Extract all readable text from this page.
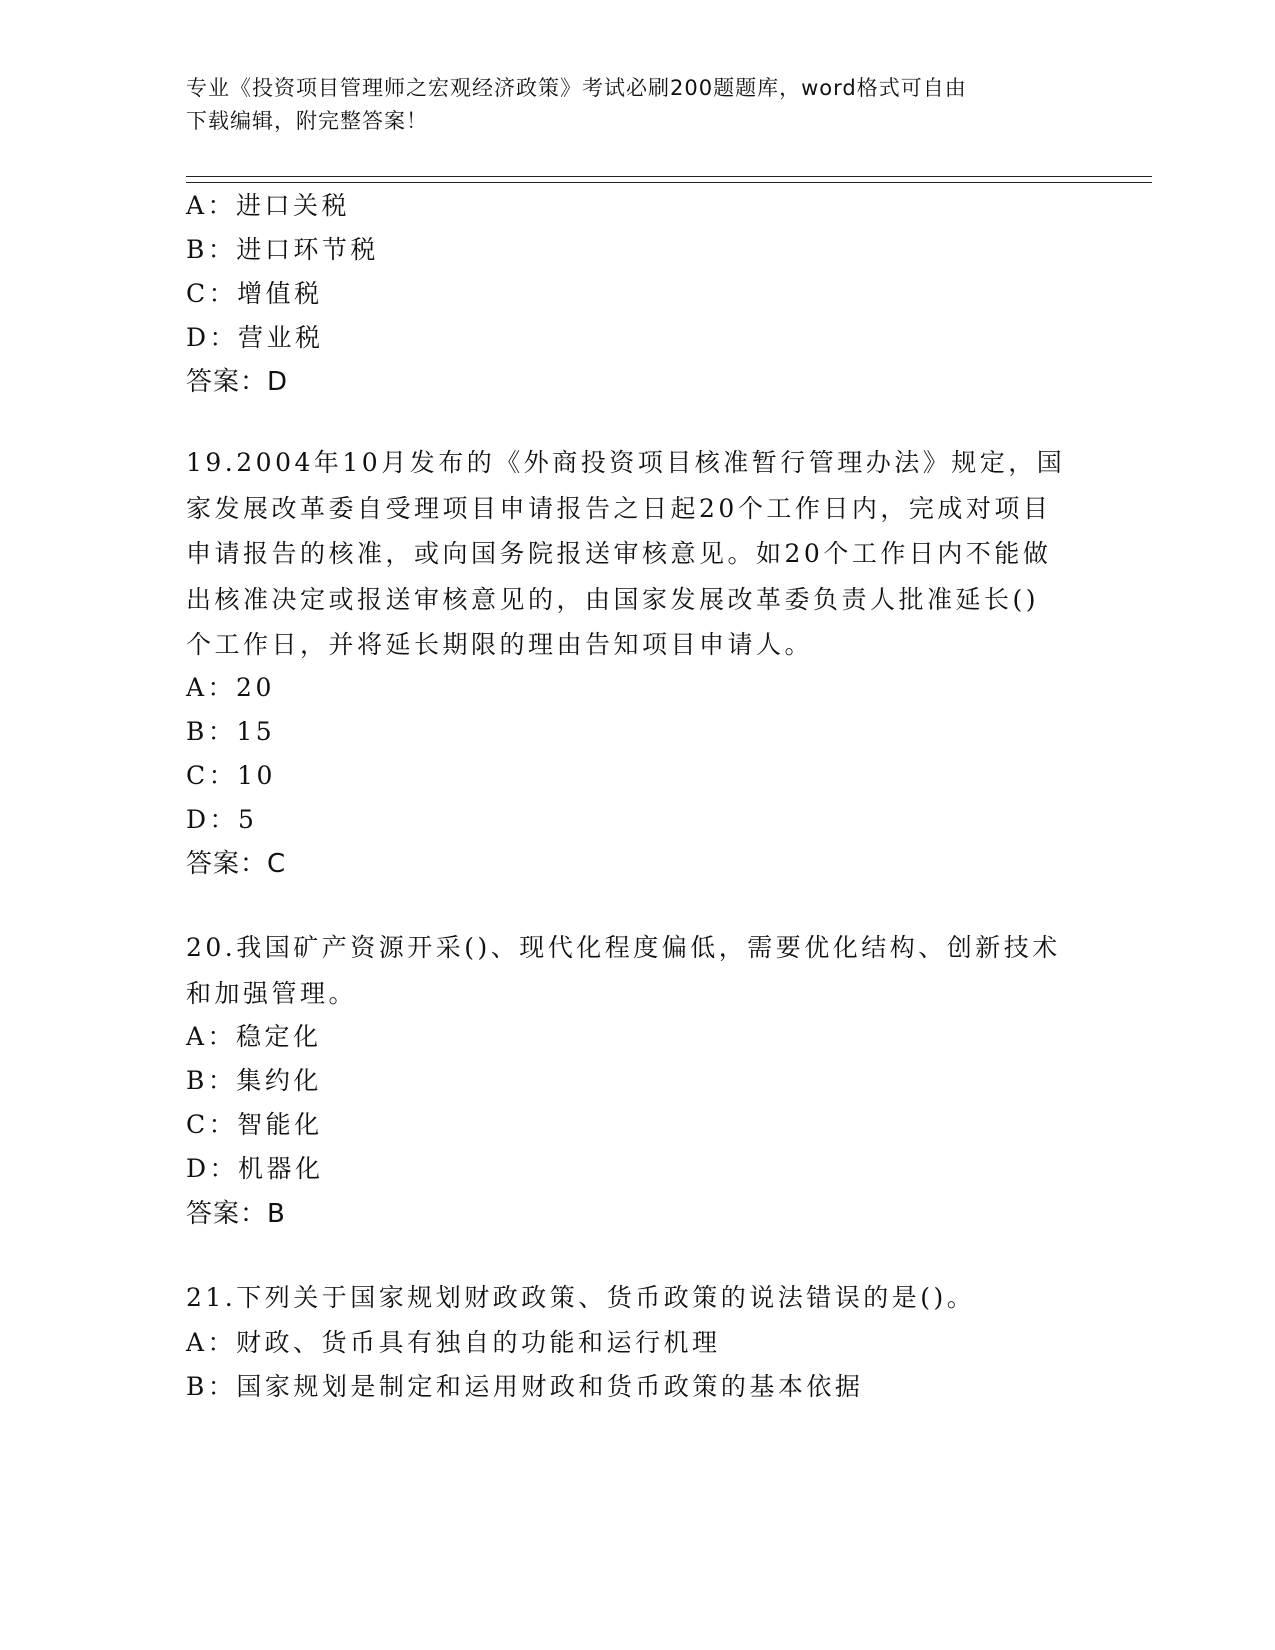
专业《投资项目管理师之宏观经济政策》考试必刷200题题库，word格式可自由
下载编辑，附完整答案！
A：进口关税
B：进口环节税
C：增值税
D：营业税
答案：D
19.2004年10月发布的《外商投资项目核准暂行管理办法》规定，国
家发展改革委自受理项目申请报告之日起20个工作日内，完成对项目
申请报告的核准，或向国务院报送审核意见。如20个工作日内不能做
出核准决定或报送审核意见的，由国家发展改革委负责人批准延长()
个工作日，并将延长期限的理由告知项目申请人。
A：20
B：15
C：10
D：5
答案：C
20.我国矿产资源开采()、现代化程度偏低，需要优化结构、创新技术
和加强管理。
A：稳定化
B：集约化
C：智能化
D：机器化
答案：B
21.下列关于国家规划财政政策、货币政策的说法错误的是()。
A：财政、货币具有独自的功能和运行机理
B：国家规划是制定和运用财政和货币政策的基本依据
